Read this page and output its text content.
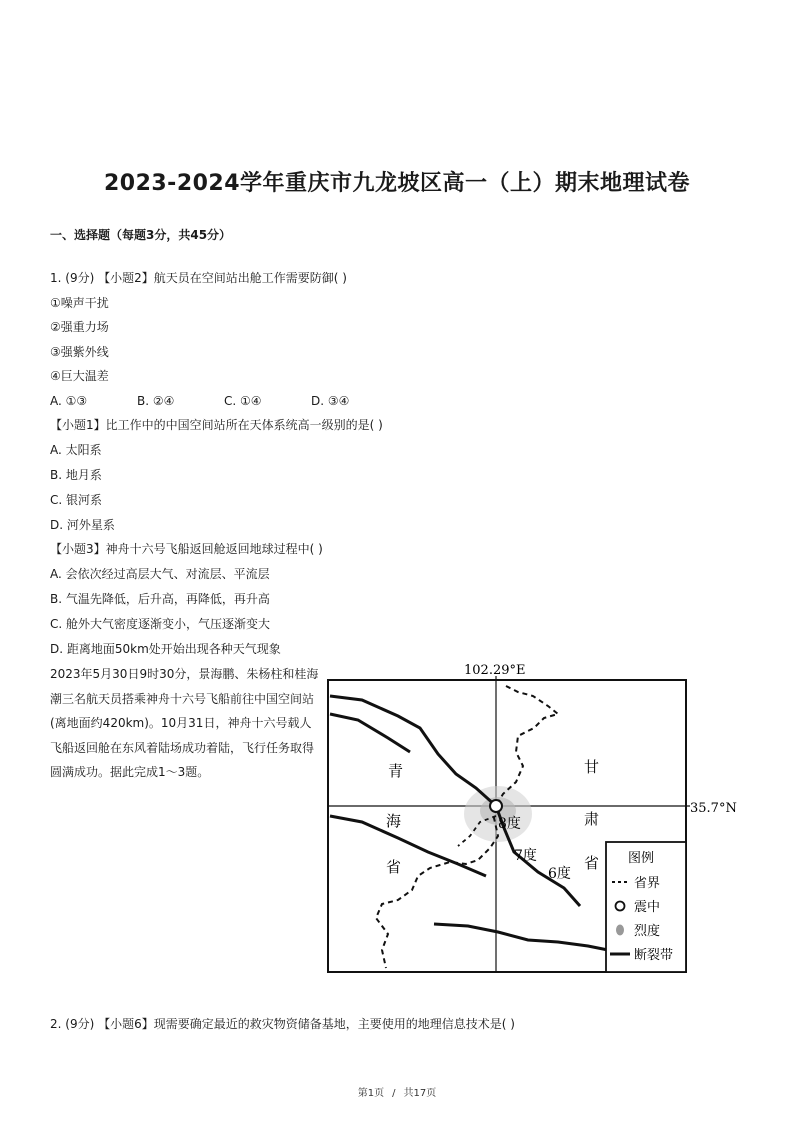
2023-2024学年重庆市九龙坡区高一（上）期末地理试卷
一、选择题（每题3分，共45分）
1. (9分) 【小题2】航天员在空间站出舱工作需要防御( )
①噪声干扰
②强重力场
③强紫外线
④巨大温差
A. ①③	B. ②④	C. ①④	D. ③④
【小题1】比工作中的中国空间站所在天体系统高一级别的是( )
A. 太阳系
B. 地月系
C. 银河系
D. 河外星系
【小题3】神舟十六号飞船返回舱返回地球过程中( )
A. 会依次经过高层大气、对流层、平流层
B. 气温先降低，后升高，再降低，再升高
C. 舱外大气密度逐渐变小，气压逐渐变大
D. 距离地面50km处开始出现各种天气现象
2023年5月30日9时30分，景海鹏、朱杨柱和桂海潮三名航天员搭乘神舟十六号飞船前往中国空间站(离地面约420km)。10月31日，神舟十六号载人飞船返回舱在东风着陆场成功着陆，飞行任务取得圆满成功。据此完成1～3题。
102.29°E
35.7°N
青
海
省
甘
肃
省
8度
7度
6度
图例
省界
震中
烈度
断裂带
2. (9分) 【小题6】现需要确定最近的救灾物资储备基地，主要使用的地理信息技术是( )
第1页 / 共17页
